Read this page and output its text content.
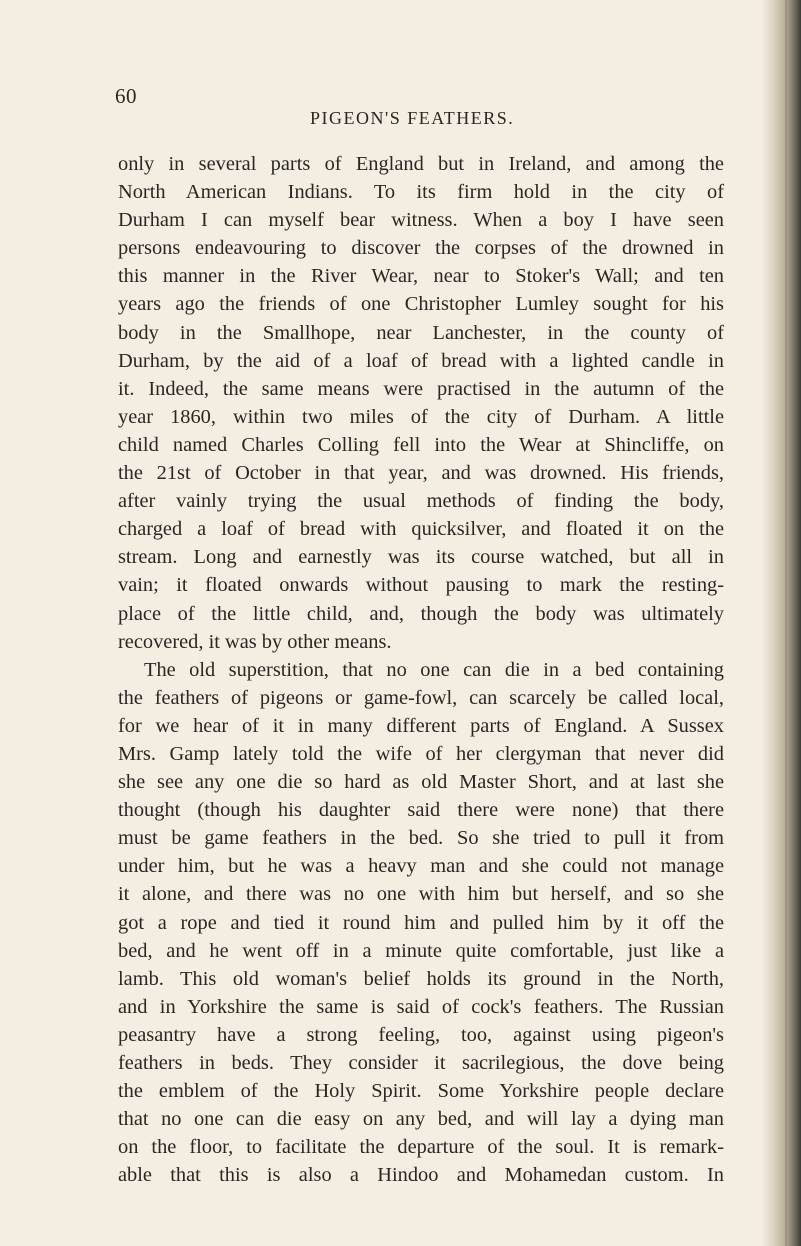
60
PIGEON'S FEATHERS.
only in several parts of England but in Ireland, and among the
North American Indians. To its firm hold in the city of
Durham I can myself bear witness. When a boy I have seen
persons endeavouring to discover the corpses of the drowned in
this manner in the River Wear, near to Stoker's Wall; and ten
years ago the friends of one Christopher Lumley sought for his
body in the Smallhope, near Lanchester, in the county of
Durham, by the aid of a loaf of bread with a lighted candle in
it. Indeed, the same means were practised in the autumn of the
year 1860, within two miles of the city of Durham. A little
child named Charles Colling fell into the Wear at Shincliffe, on
the 21st of October in that year, and was drowned. His friends,
after vainly trying the usual methods of finding the body,
charged a loaf of bread with quicksilver, and floated it on the
stream. Long and earnestly was its course watched, but all in
vain; it floated onwards without pausing to mark the resting-
place of the little child, and, though the body was ultimately
recovered, it was by other means.
The old superstition, that no one can die in a bed containing
the feathers of pigeons or game-fowl, can scarcely be called local,
for we hear of it in many different parts of England. A Sussex
Mrs. Gamp lately told the wife of her clergyman that never did
she see any one die so hard as old Master Short, and at last she
thought (though his daughter said there were none) that there
must be game feathers in the bed. So she tried to pull it from
under him, but he was a heavy man and she could not manage
it alone, and there was no one with him but herself, and so she
got a rope and tied it round him and pulled him by it off the
bed, and he went off in a minute quite comfortable, just like a
lamb. This old woman's belief holds its ground in the North,
and in Yorkshire the same is said of cock's feathers. The Russian
peasantry have a strong feeling, too, against using pigeon's
feathers in beds. They consider it sacrilegious, the dove being
the emblem of the Holy Spirit. Some Yorkshire people declare
that no one can die easy on any bed, and will lay a dying man
on the floor, to facilitate the departure of the soul. It is remark-
able that this is also a Hindoo and Mohamedan custom. In
